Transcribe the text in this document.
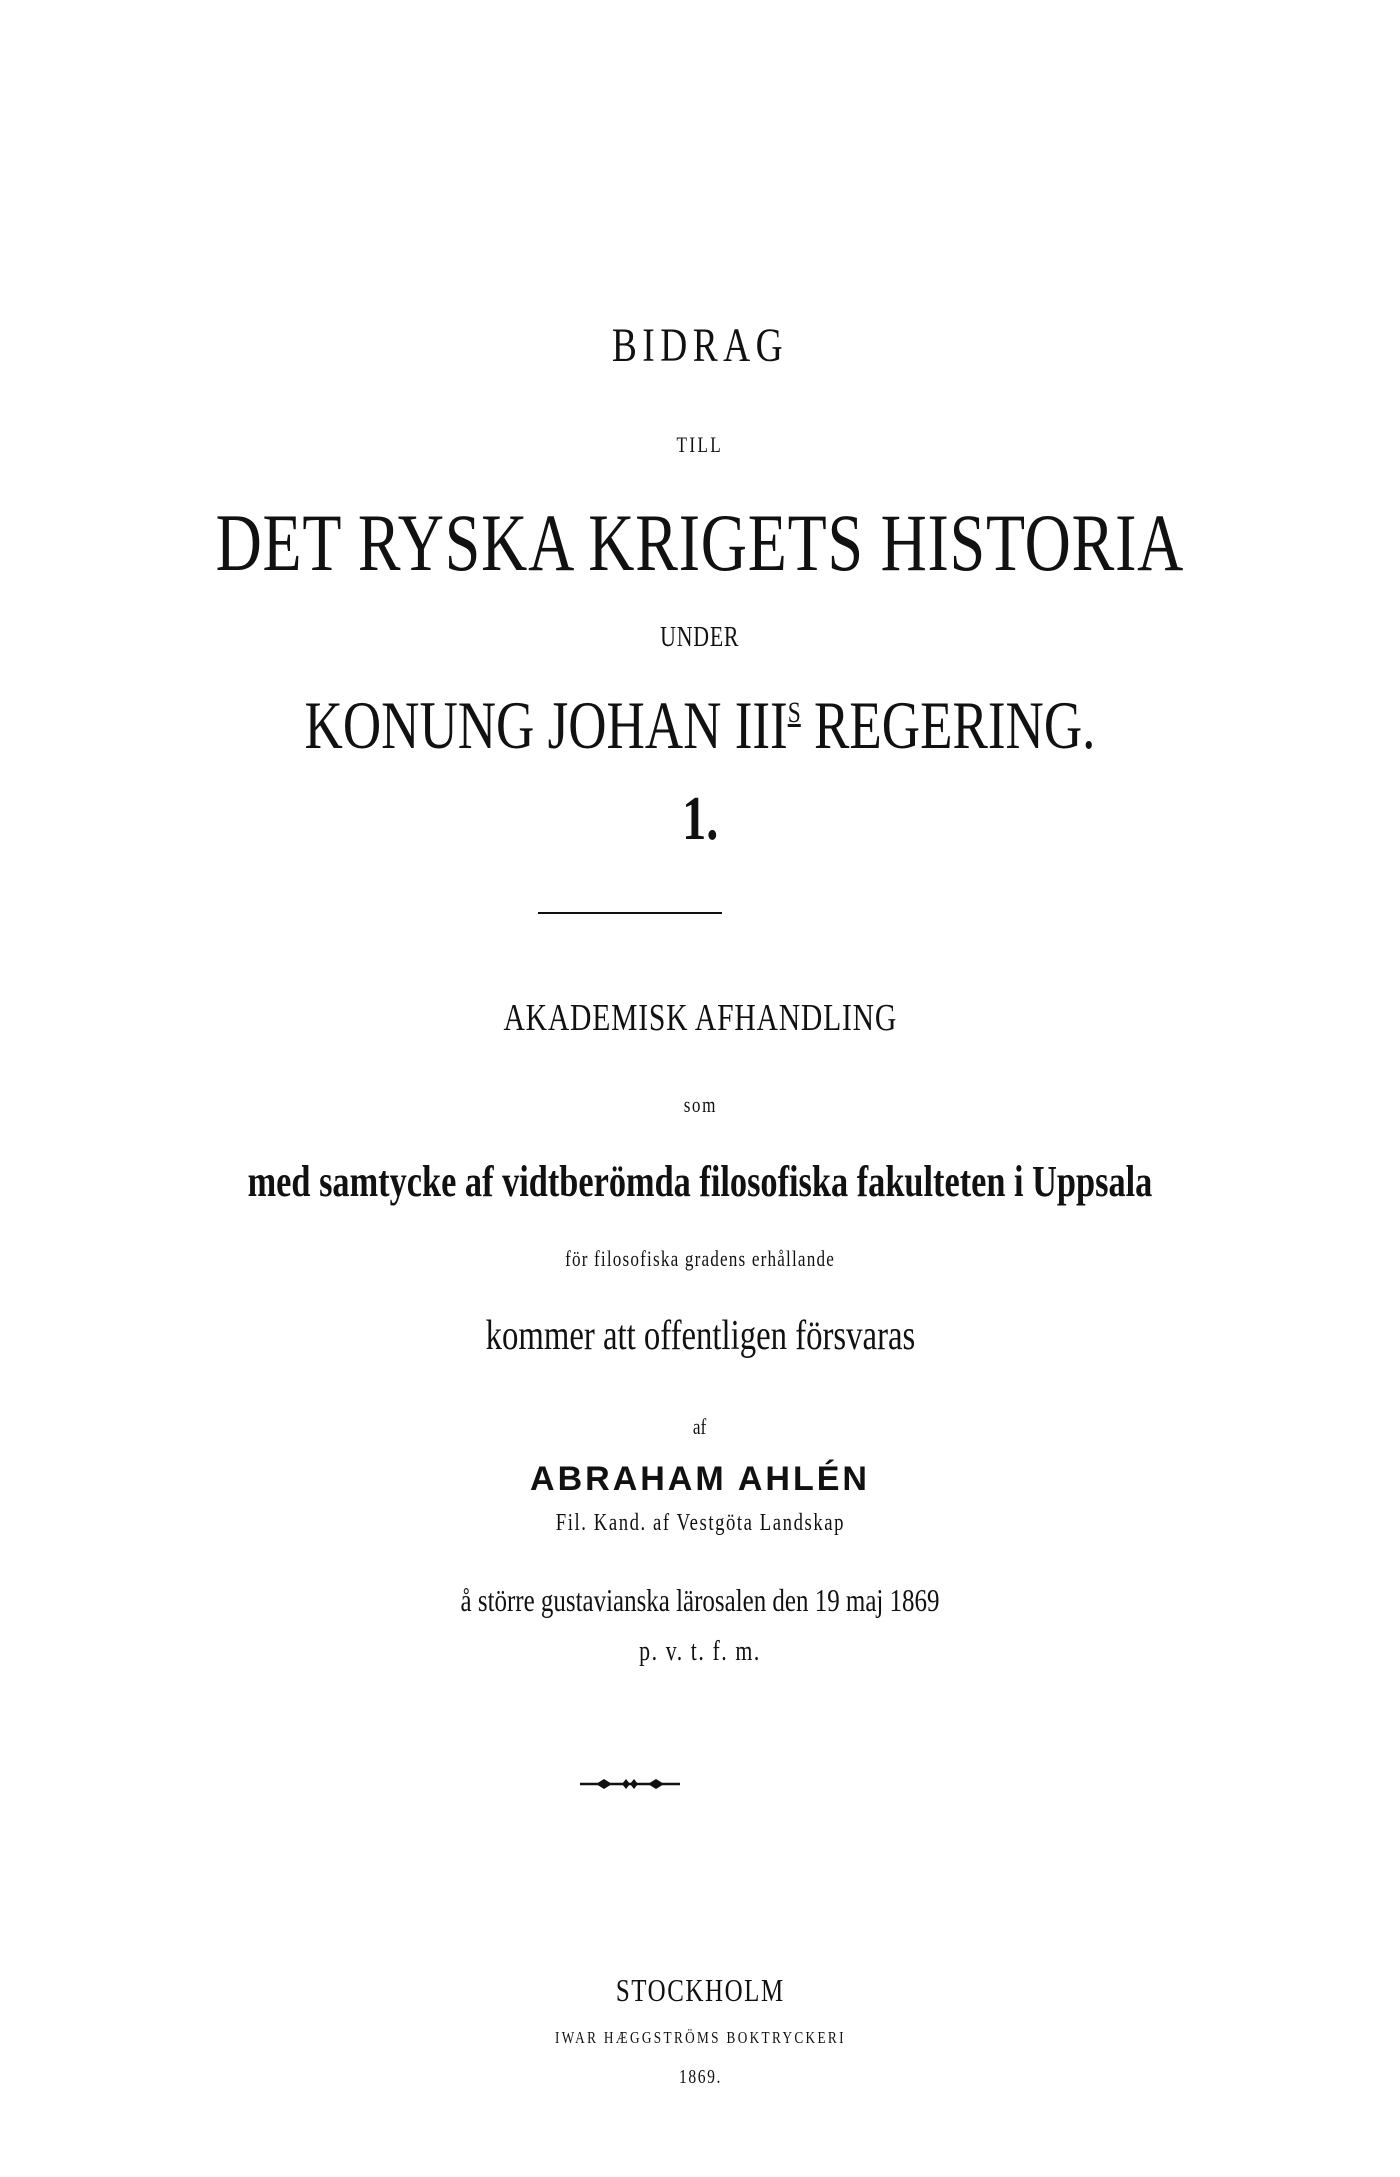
BIDRAG
TILL
DET RYSKA KRIGETS HISTORIA
UNDER
KONUNG JOHAN $III^S$ REGERING.
1.
AKADEMISK AFHANDLING
som
med samtycke af vidtberömda filosofiska fakulteten i Uppsala
för filosofiska gradens erhållande
kommer att offentligen försvaras
af
ABRAHAM AHLÉN
Fil. Kand. af Vestgöta Landskap
å större gustavianska lärosalen den 19 maj 1869
p. v. t. f. m.
STOCKHOLM
IWAR HÆGGSTRÖMS BOKTRYCKERI
1869.
